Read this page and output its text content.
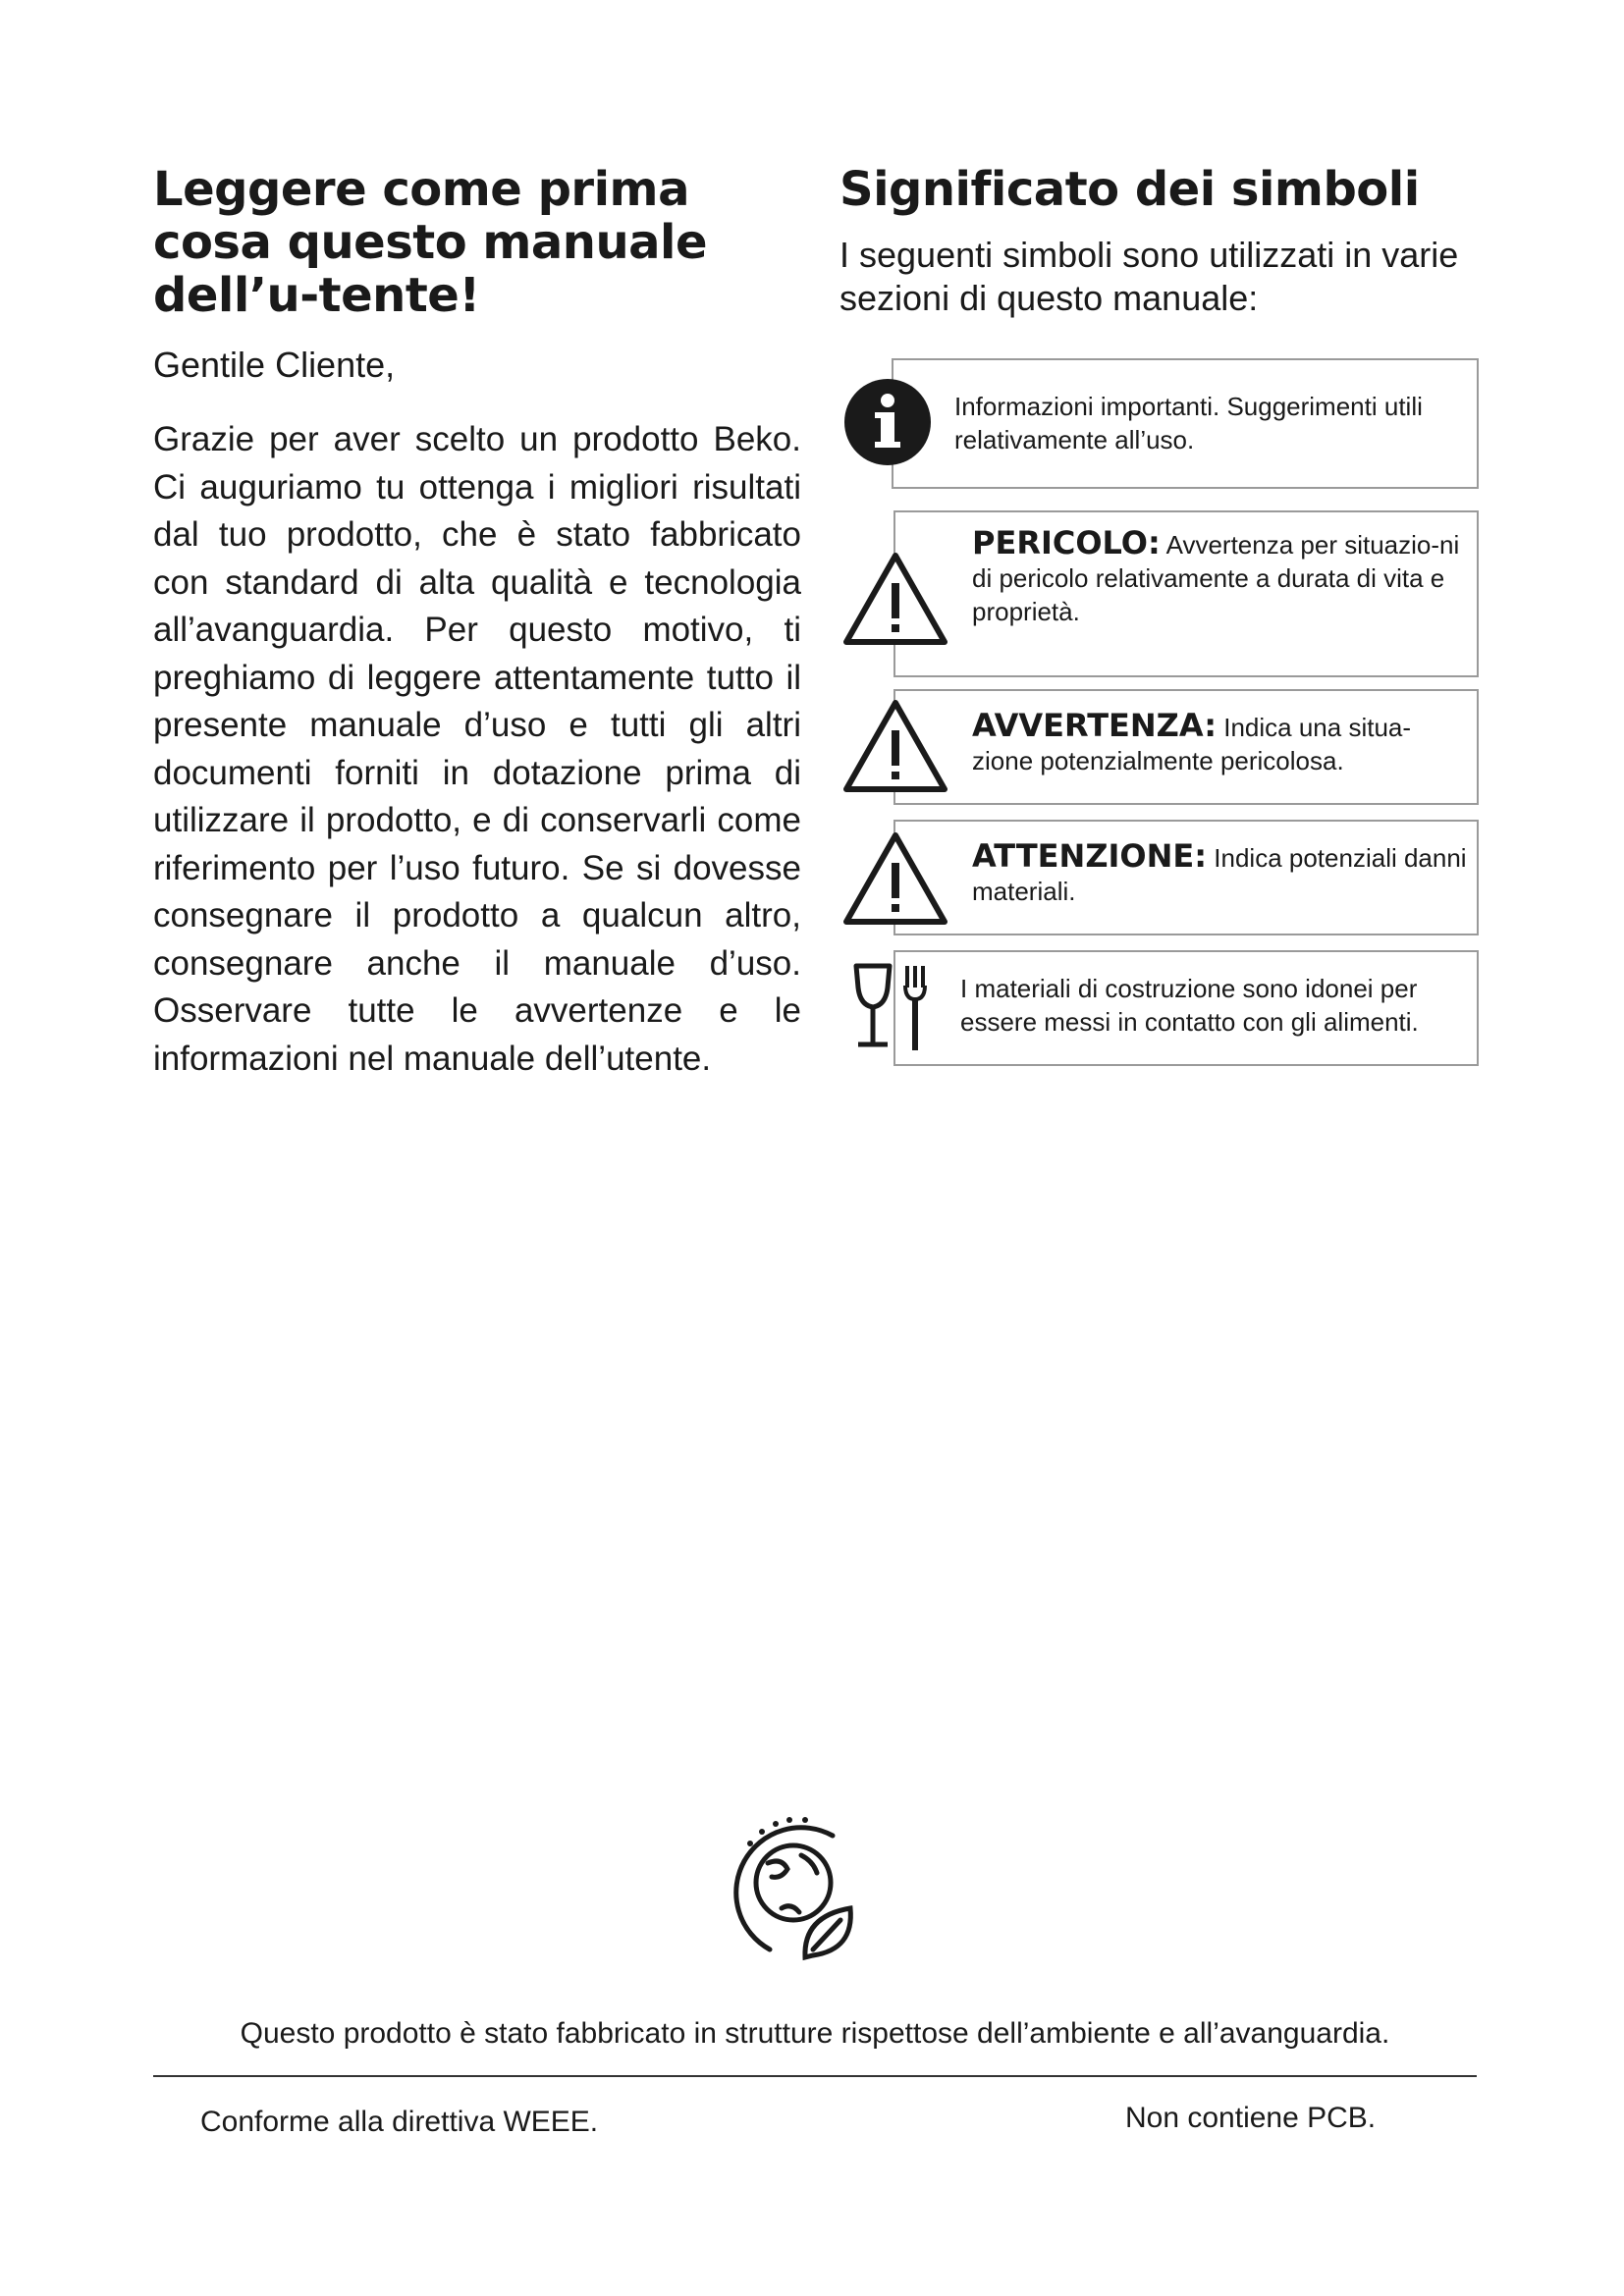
Leggere come prima cosa questo manuale dell’u-tente!

Gentile Cliente,

Grazie per aver scelto un prodotto Beko. Ci auguriamo tu ottenga i migliori risultati dal tuo prodotto, che è stato fabbricato con standard di alta qualità e tecnologia all’avanguardia. Per questo motivo, ti preghiamo di leggere attentamente tutto il presente manuale d’uso e tutti gli altri documenti forniti in dotazione prima di utilizzare il prodotto, e di conservarli come riferimento per l’uso futuro. Se si dovesse consegnare il prodotto a qualcun altro, consegnare anche il manuale d’uso. Osservare tutte le avvertenze e le informazioni nel manuale dell’utente.

Significato dei simboli

I seguenti simboli sono utilizzati in varie sezioni di questo manuale:

Informazioni importanti. Suggerimenti utili relativamente all’uso.
PERICOLO: Avvertenza per situazio-ni di pericolo relativamente a durata di vita e proprietà.
AVVERTENZA: Indica una situa-zione potenzialmente pericolosa.
ATTENZIONE: Indica potenziali danni materiali.
I materiali di costruzione sono idonei per essere messi in contatto con gli alimenti.
Questo prodotto è stato fabbricato in strutture rispettose dell’ambiente e all’avanguardia.
Conforme alla direttiva WEEE.	Non contiene PCB.
